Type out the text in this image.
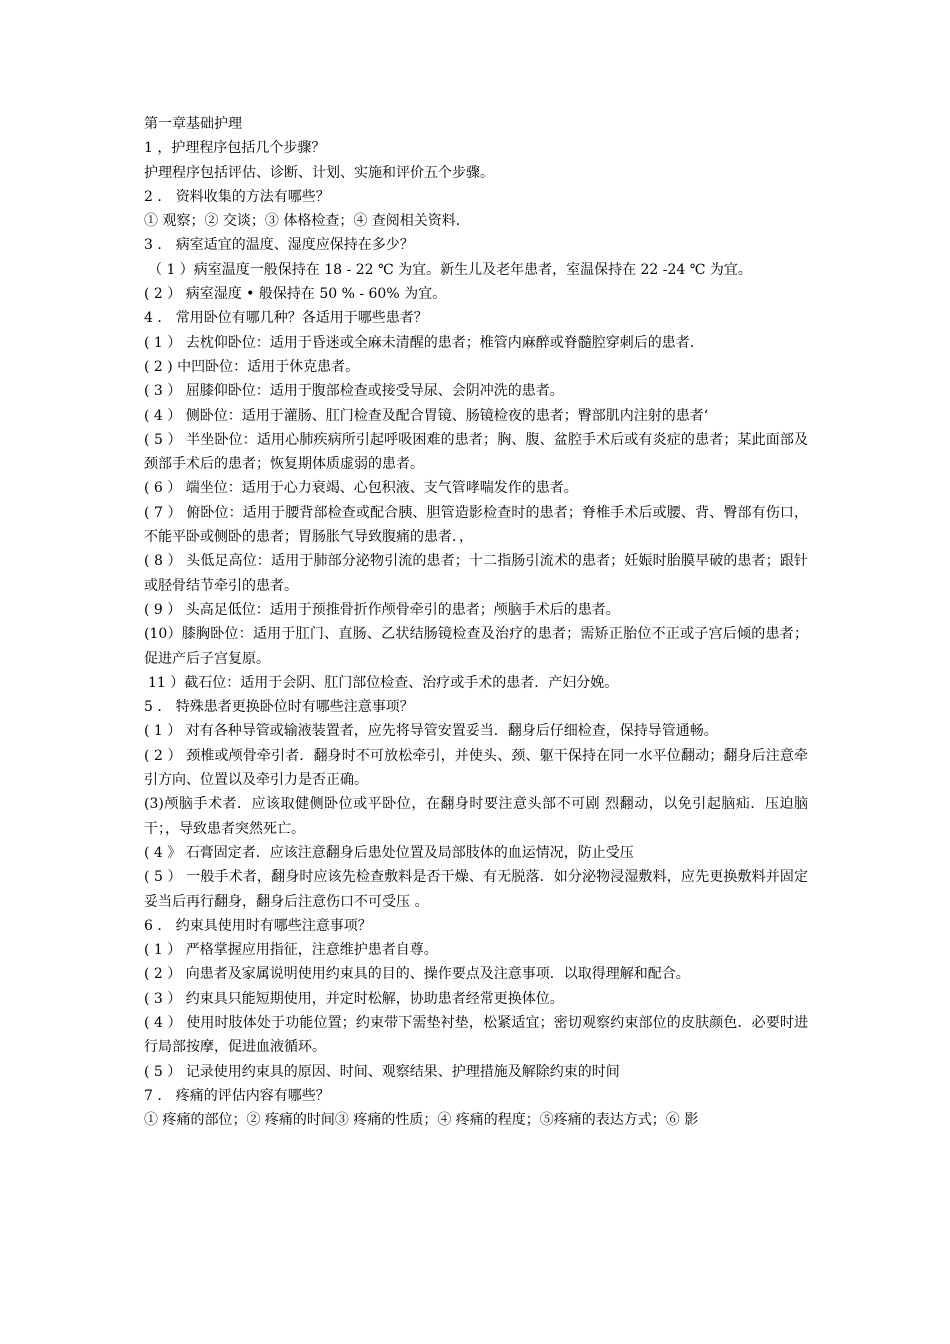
第一章基础护理

1 ，护理程序包括几个步骤？

护理程序包括评估、诊断、计划、实施和评价五个步骤。

2 ． 资料收集的方法有哪些？

① 观察；② 交谈；③ 体格检查；④ 查阅相关资料．

3 ． 病室适宜的温度、湿度应保持在多少？

（ 1 ）病室温度一般保持在 18 - 22 ℃ 为宜。新生儿及老年患者，室温保持在 22 -24 ℃ 为宜。

( 2 ） 病室湿度 • 般保持在 50 % - 60% 为宜。

4 ． 常用卧位有哪几种？各适用于哪些患者？

( 1 ） 去枕仰卧位：适用于昏迷或全麻未清醒的患者；椎管内麻醉或脊髓腔穿刺后的患者．

( 2 ) 中凹卧位：适用于休克患者。

( 3 ） 屈膝仰卧位：适用于腹部检查或接受导尿、会阴冲洗的患者。

( 4 ） 侧卧位：适用于灌肠、肛门检查及配合胃镜、肠镜检夜的患者；臀部肌内注射的患者‘

( 5 ） 半坐卧位：适用心肺疾病所引起呼吸困难的患者；胸、腹、盆腔手术后或有炎症的患者；某此面部及颈部手术后的患者；恢复期体质虚弱的患者。

( 6 ） 端坐位：适用于心力衰竭、心包积液、支气管哮喘发作的患者。

( 7 ） 俯卧位：适用于腰背部检查或配合胰、胆管造影检查时的患者；脊椎手术后或腰、背、臀部有伤口，不能平卧或侧卧的患者；胃肠胀气导致腹痛的患者．，

( 8 ） 头低足高位：适用于肺部分泌物引流的患者；十二指肠引流术的患者；妊娠时胎膜早破的患者；跟针或胫骨结节牵引的患者。

( 9 ） 头高足低位：适用于预推骨折作颅骨牵引的患者；颅脑手术后的患者。

(10）膝胸卧位：适用于肛门、直肠、乙状结肠镜检查及治疗的患者；需矫正胎位不正或子宫后倾的患者；促进产后子宫复原。

11 ）截石位：适用于会阴、肛门部位检查、治疗或手术的患者．产妇分娩。

5 ． 特殊患者更换卧位时有哪些注意事项？

( 1 ） 对有各种导管或输液装置者，应先将导管安置妥当．翻身后仔细检查，保持导管通畅。

( 2 ） 颈椎或颅骨牵引者．翻身时不可放松牵引，并使头、颈、躯干保持在同一水平位翻动；翻身后注意牵引方向、位置以及牵引力是否正确。

(3)颅脑手术者．应该取健侧卧位或平卧位，在翻身时要注意头部不可剧 烈翻动，以免引起脑疝．压迫脑干；，导致患者突然死亡。

( 4 》 石膏固定者．应该注意翻身后患处位置及局部肢体的血运情况，防止受压

( 5 ） 一般手术者，翻身时应该先检查敷料是否干燥、有无脱落．如分泌物浸湿敷料，应先更换敷料并固定妥当后再行翻身，翻身后注意伤口不可受压 。

6 ． 约束具使用时有哪些注意事项？

( 1 ） 严格掌握应用指征，注意维护患者自尊。

( 2 ） 向患者及家属说明使用约束具的目的、操作要点及注意事项．以取得理解和配合。

( 3 ） 约束具只能短期使用，并定时松解，协助患者经常更换体位。

( 4 ） 使用时肢体处于功能位置；约束带下需垫衬垫，松紧适宜；密切观察约束部位的皮肤颜色．必要时进行局部按摩，促进血液循环。

( 5 ） 记录使用约束具的原因、时间、观察结果、护理措施及解除约束的时间

7 ． 疼痛的评估内容有哪些？

① 疼痛的部位；② 疼痛的时间③ 疼痛的性质；④ 疼痛的程度；⑤疼痛的表达方式；⑥ 影
